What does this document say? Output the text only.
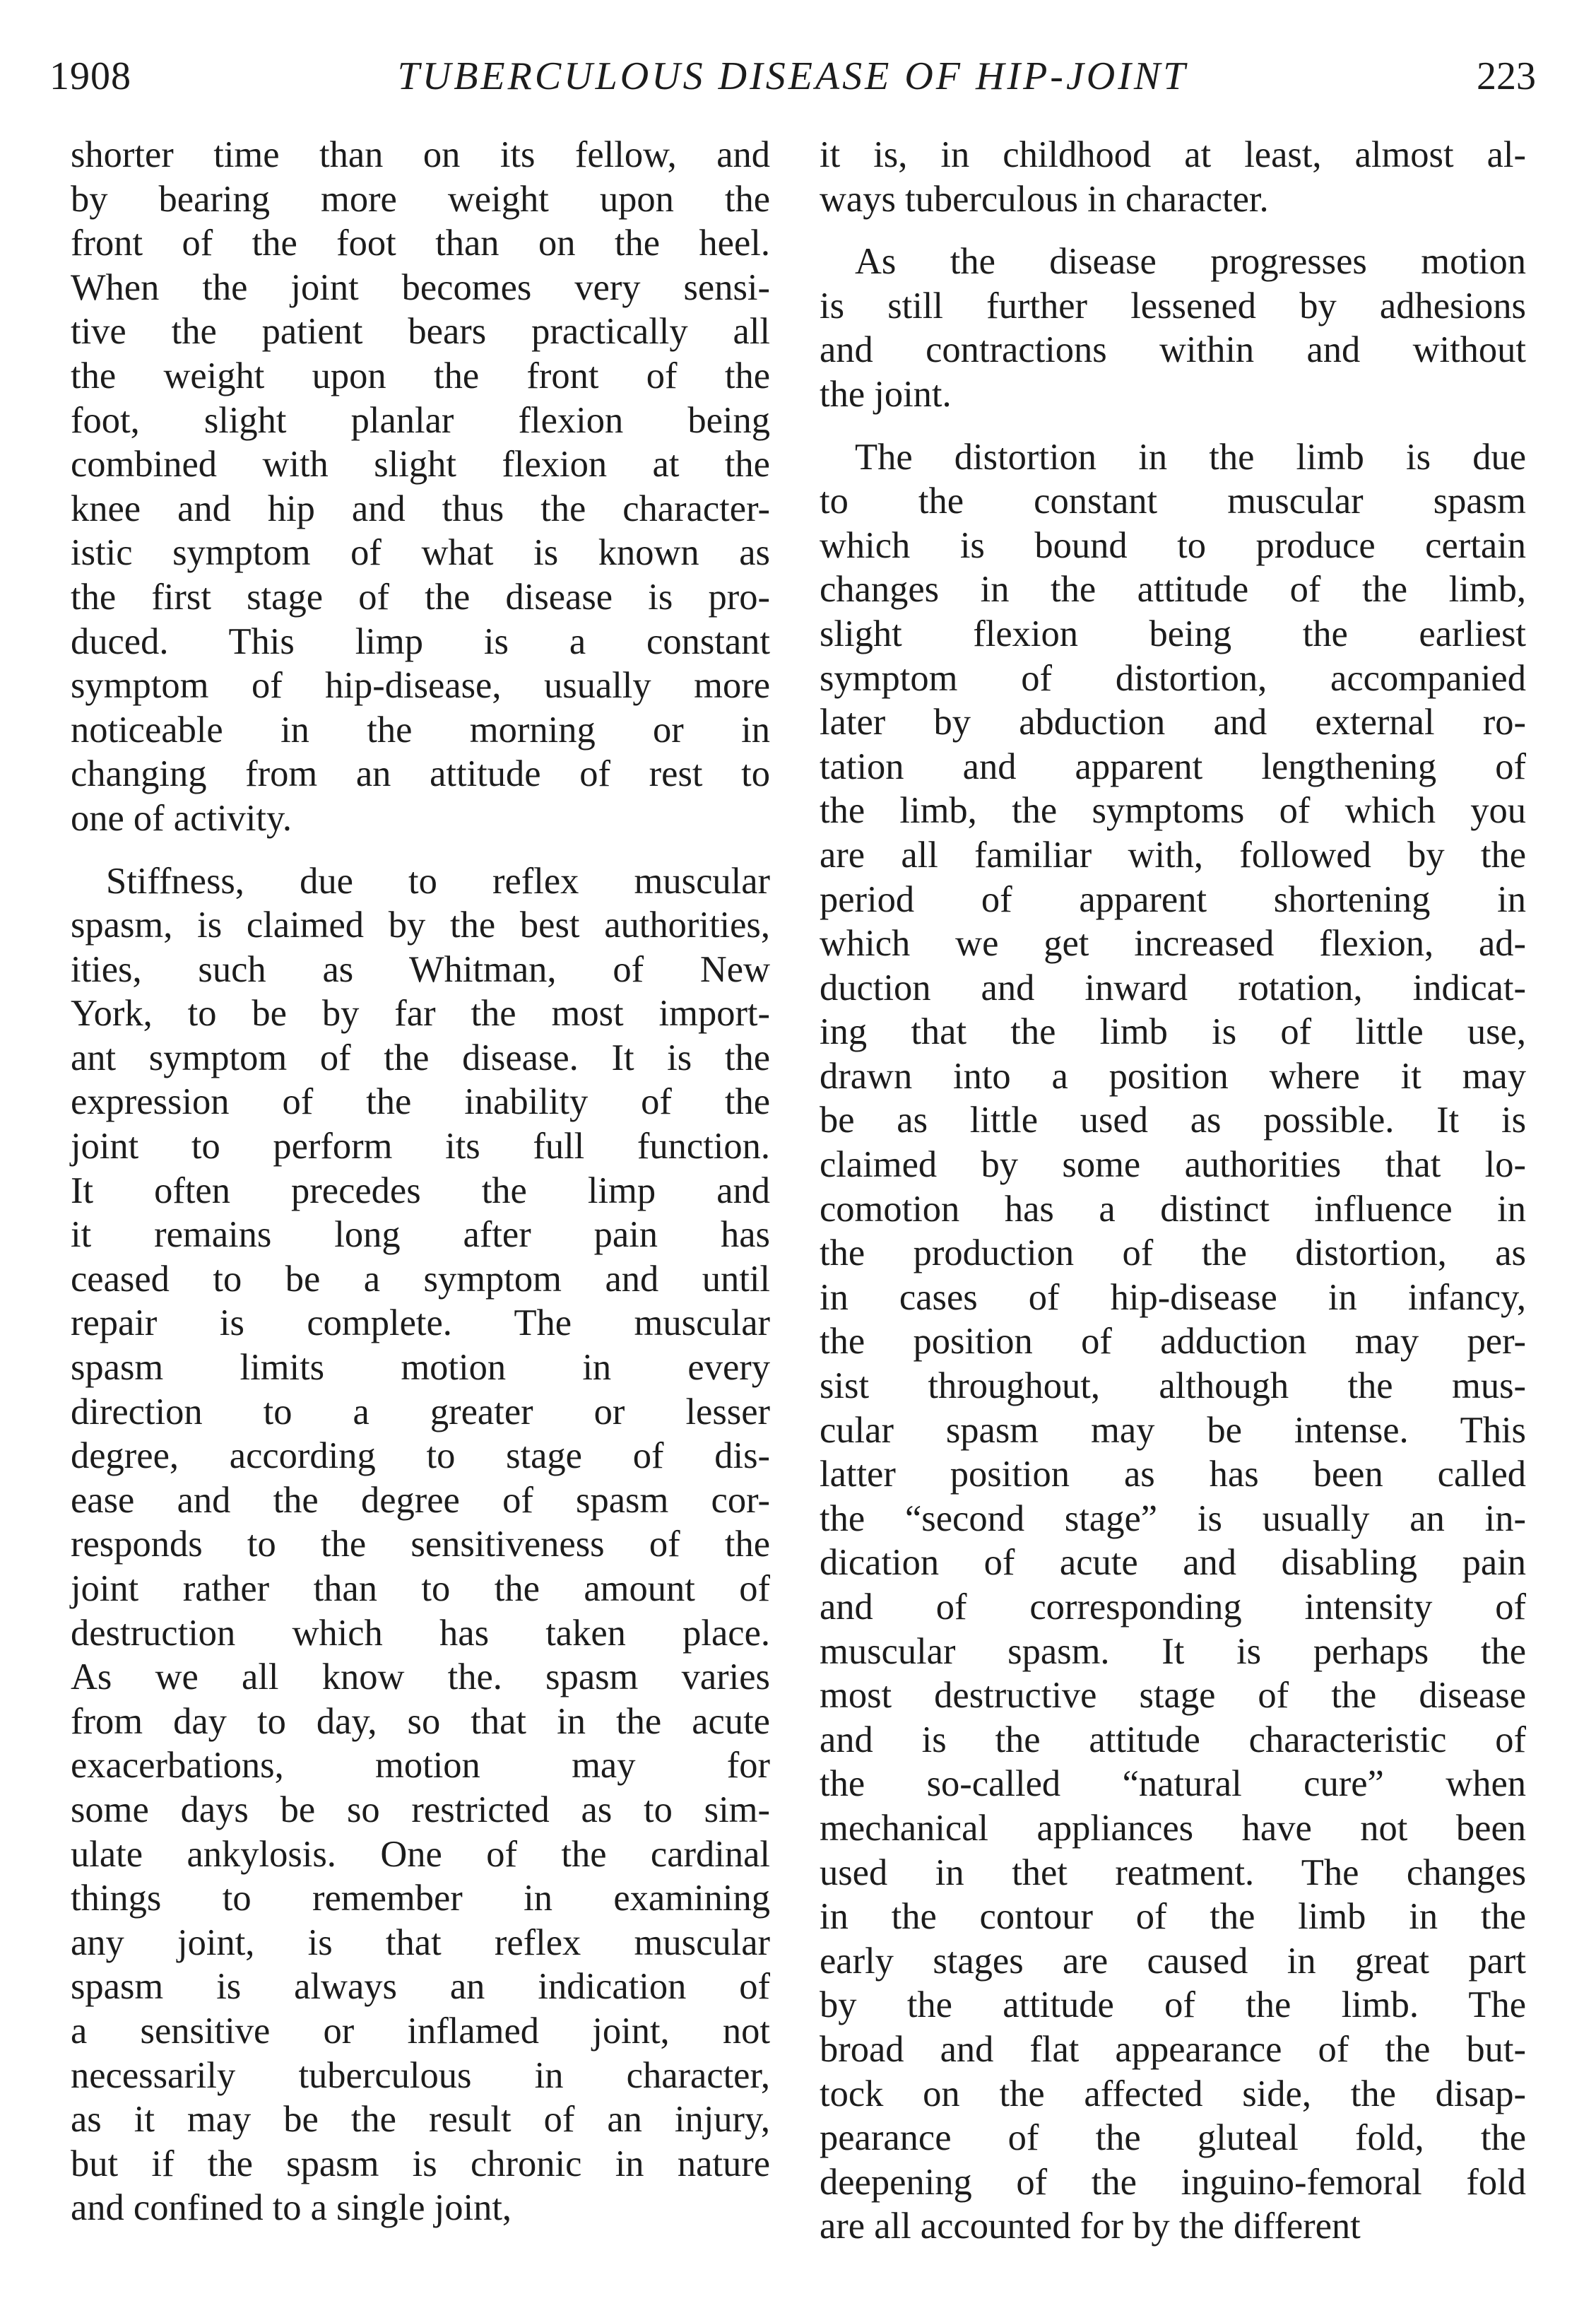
1908	TUBERCULOUS DISEASE OF HIP-JOINT	223
shorter time than on its fellow, and
by bearing more weight upon the
front of the foot than on the heel.
When the joint becomes very sensi-
tive the patient bears practically all
the weight upon the front of the
foot, slight planlar flexion being
combined with slight flexion at the
knee and hip and thus the character-
istic symptom of what is known as
the first stage of the disease is pro-
duced. This limp is a constant
symptom of hip-disease, usually more
noticeable in the morning or in
changing from an attitude of rest to
one of activity.
Stiffness, due to reflex muscular
spasm, is claimed by the best authorities,
ities, such as Whitman, of New
York, to be by far the most import-
ant symptom of the disease. It is the
expression of the inability of the
joint to perform its full function.
It often precedes the limp and
it remains long after pain has
ceased to be a symptom and until
repair is complete. The muscular
spasm limits motion in every
direction to a greater or lesser
degree, according to stage of dis-
ease and the degree of spasm cor-
responds to the sensitiveness of the
joint rather than to the amount of
destruction which has taken place.
As we all know the. spasm varies
from day to day, so that in the acute
exacerbations, motion may for
some days be so restricted as to sim-
ulate ankylosis. One of the cardinal
things to remember in examining
any joint, is that reflex muscular
spasm is always an indication of
a sensitive or inflamed joint, not
necessarily tuberculous in character,
as it may be the result of an injury,
but if the spasm is chronic in nature
and confined to a single joint,
it is, in childhood at least, almost al-
ways tuberculous in character.
As the disease progresses motion
is still further lessened by adhesions
and contractions within and without
the joint.
The distortion in the limb is due
to the constant muscular spasm
which is bound to produce certain
changes in the attitude of the limb,
slight flexion being the earliest
symptom of distortion, accompanied
later by abduction and external ro-
tation and apparent lengthening of
the limb, the symptoms of which you
are all familiar with, followed by the
period of apparent shortening in
which we get increased flexion, ad-
duction and inward rotation, indicat-
ing that the limb is of little use,
drawn into a position where it may
be as little used as possible. It is
claimed by some authorities that lo-
comotion has a distinct influence in
the production of the distortion, as
in cases of hip-disease in infancy,
the position of adduction may per-
sist throughout, although the mus-
cular spasm may be intense. This
latter position as has been called
the “second stage” is usually an in-
dication of acute and disabling pain
and of corresponding intensity of
muscular spasm. It is perhaps the
most destructive stage of the disease
and is the attitude characteristic of
the so-called “natural cure” when
mechanical appliances have not been
used in thet reatment. The changes
in the contour of the limb in the
early stages are caused in great part
by the attitude of the limb. The
broad and flat appearance of the but-
tock on the affected side, the disap-
pearance of the gluteal fold, the
deepening of the inguino-femoral fold
are all accounted for by the different
